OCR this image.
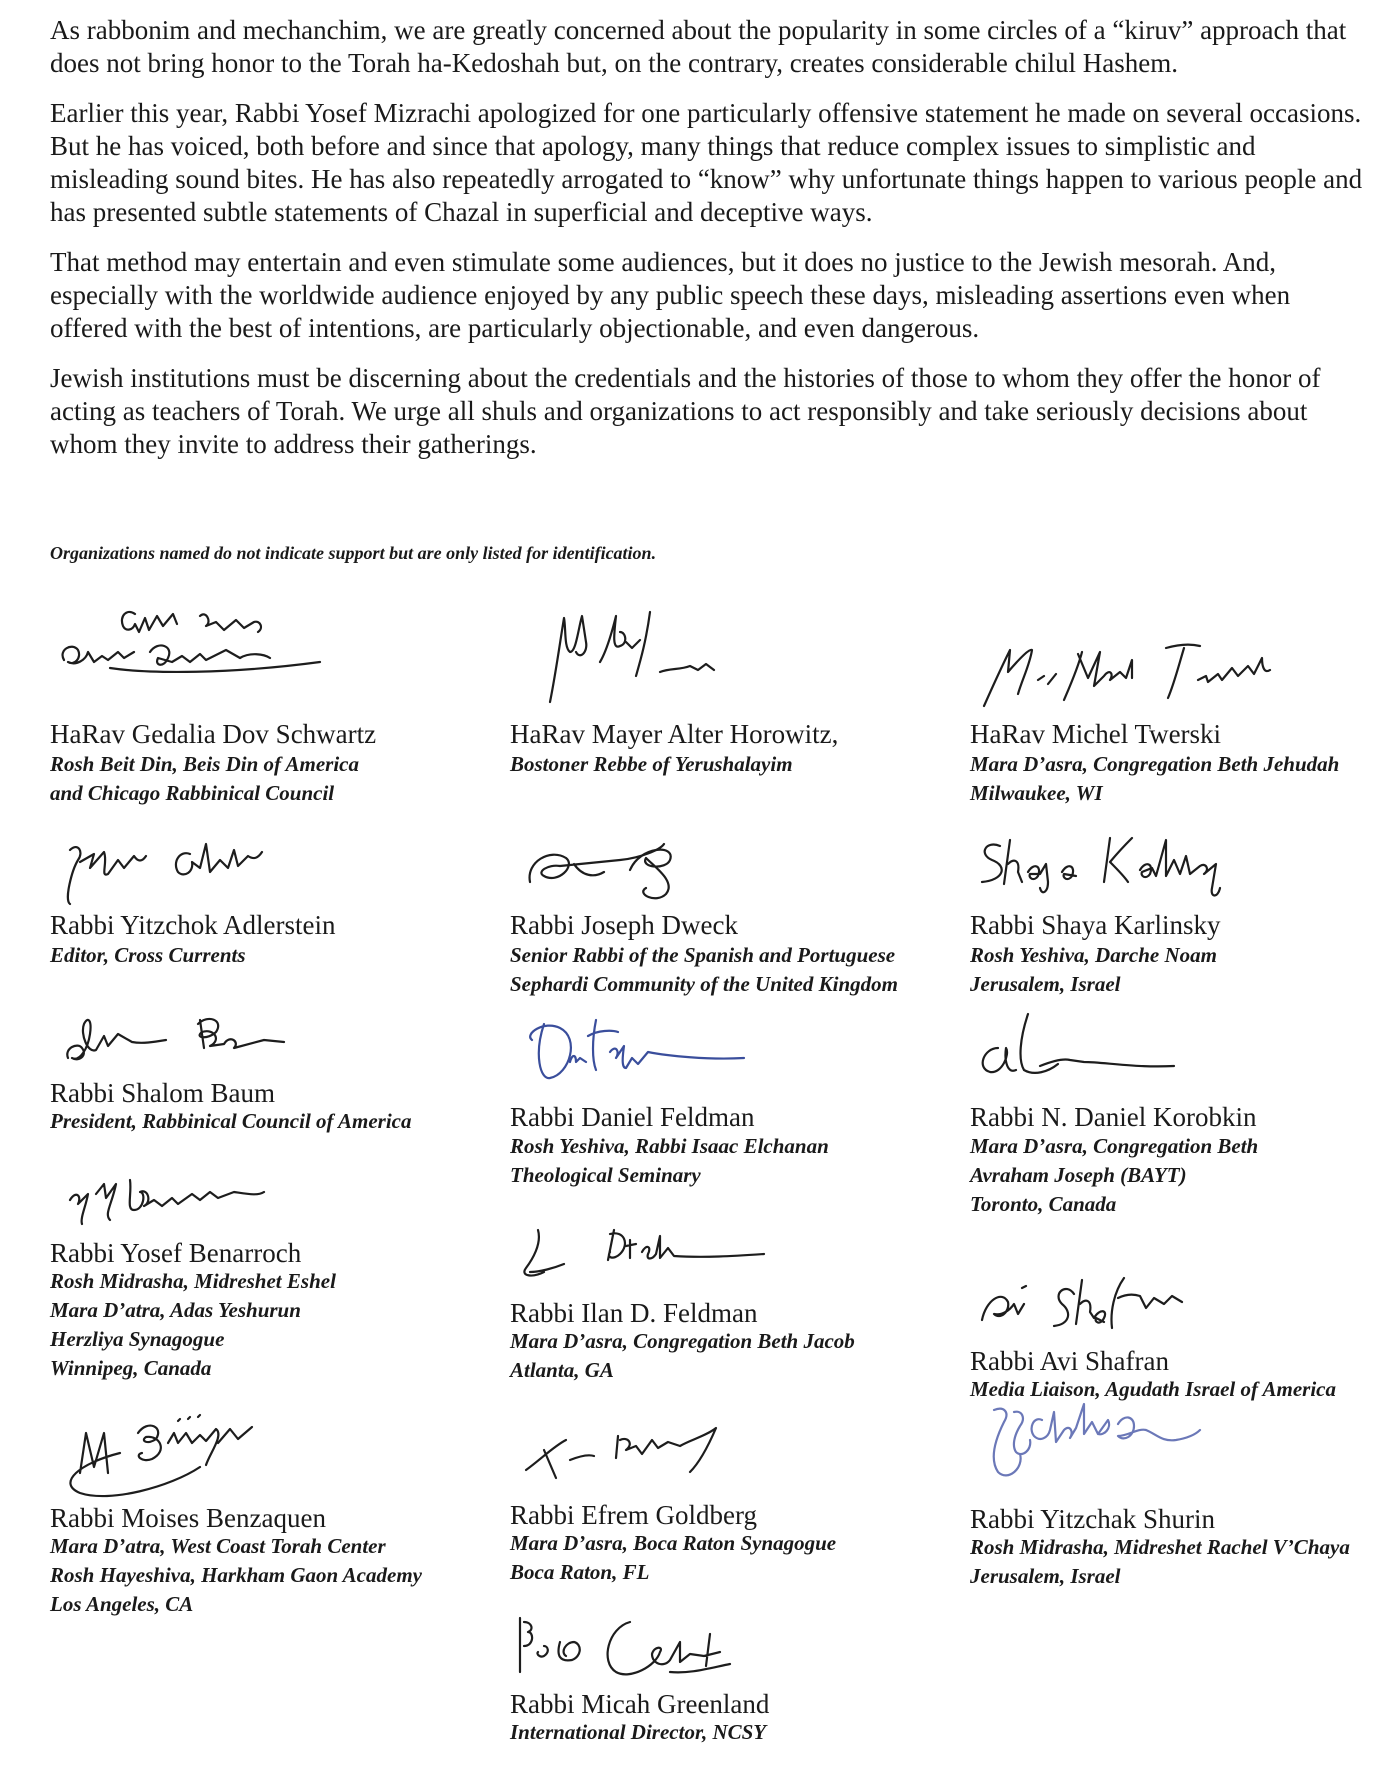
As rabbonim and mechanchim, we are greatly concerned about the popularity in some circles of a “kiruv” approach that does not bring honor to the Torah ha-Kedoshah but, on the contrary, creates considerable chilul Hashem.

Earlier this year, Rabbi Yosef Mizrachi apologized for one particularly offensive statement he made on several occasions. But he has voiced, both before and since that apology, many things that reduce complex issues to simplistic and misleading sound bites. He has also repeatedly arrogated to “know” why unfortunate things happen to various people and has presented subtle statements of Chazal in superficial and deceptive ways.

That method may entertain and even stimulate some audiences, but it does no justice to the Jewish mesorah. And, especially with the worldwide audience enjoyed by any public speech these days, misleading assertions even when offered with the best of intentions, are particularly objectionable, and even dangerous.

Jewish institutions must be discerning about the credentials and the histories of those to whom they offer the honor of acting as teachers of Torah. We urge all shuls and organizations to act responsibly and take seriously decisions about whom they invite to address their gatherings.

Organizations named do not indicate support but are only listed for identification.
HaRav Gedalia Dov Schwartz
Rosh Beit Din, Beis Din of America
and Chicago Rabbinical Council
Rabbi Yitzchok Adlerstein
Editor, Cross Currents
Rabbi Shalom Baum
President, Rabbinical Council of America
Rabbi Yosef Benarroch
Rosh Midrasha, Midreshet Eshel
Mara D’atra, Adas Yeshurun
Herzliya Synagogue
Winnipeg, Canada
Rabbi Moises Benzaquen
Mara D’atra, West Coast Torah Center
Rosh Hayeshiva, Harkham Gaon Academy
Los Angeles, CA
HaRav Mayer Alter Horowitz,
Bostoner Rebbe of Yerushalayim
Rabbi Joseph Dweck
Senior Rabbi of the Spanish and Portuguese
Sephardi Community of the United Kingdom
Rabbi Daniel Feldman
Rosh Yeshiva, Rabbi Isaac Elchanan
Theological Seminary
Rabbi Ilan D. Feldman
Mara D’asra, Congregation Beth Jacob
Atlanta, GA
Rabbi Efrem Goldberg
Mara D’asra, Boca Raton Synagogue
Boca Raton, FL
Rabbi Micah Greenland
International Director, NCSY
HaRav Michel Twerski
Mara D’asra, Congregation Beth Jehudah
Milwaukee, WI
Rabbi Shaya Karlinsky
Rosh Yeshiva, Darche Noam
Jerusalem, Israel
Rabbi N. Daniel Korobkin
Mara D’asra, Congregation Beth
Avraham Joseph (BAYT)
Toronto, Canada
Rabbi Avi Shafran
Media Liaison, Agudath Israel of America
Rabbi Yitzchak Shurin
Rosh Midrasha, Midreshet Rachel V’Chaya
Jerusalem, Israel
